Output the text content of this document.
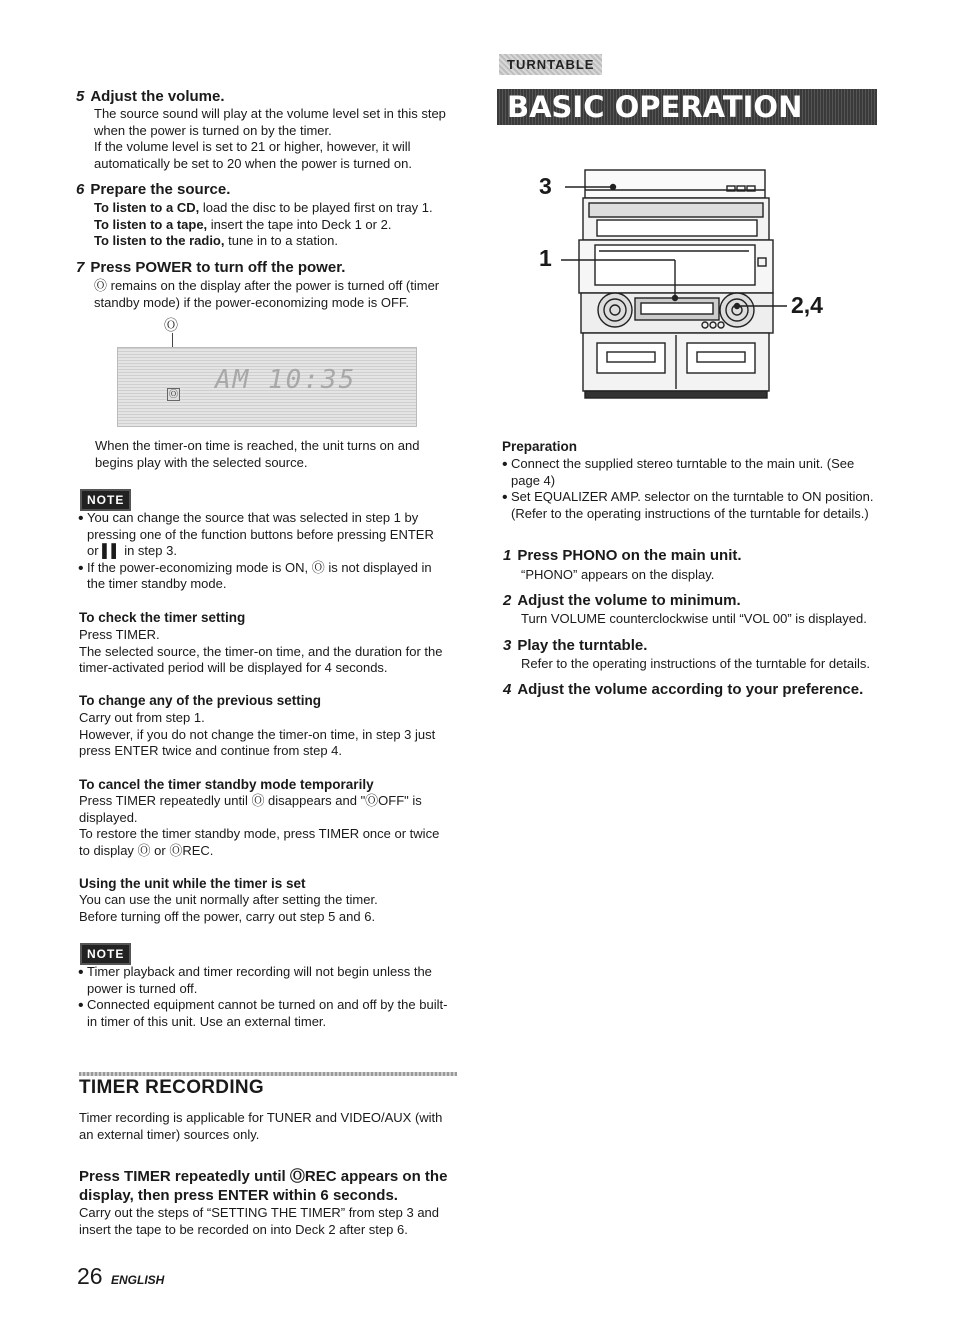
5 Adjust the volume.

The source sound will play at the volume level set in this step

when the power is turned on by the timer.

If the volume level is set to 21 or higher, however, it will

automatically be set to 20 when the power is turned on.

6 Prepare the source.

To listen to a CD, load the disc to be played first on tray 1.

To listen to a tape, insert the tape into Deck 1 or 2.

To listen to the radio, tune in to a station.

7 Press POWER to turn off the power.

Ⓞ remains on the display after the power is turned off (timer

standby mode) if the power-economizing mode is OFF.

Ⓞ
Ⓞ AM 10:35

When the timer-on time is reached, the unit turns on and

begins play with the selected source.

NOTE

• You can change the source that was selected in step 1 by

pressing one of the function buttons before pressing ENTER

or ▌▌ in step 3.

• If the power-economizing mode is ON, Ⓞ is not displayed in

the timer standby mode.

To check the timer setting

Press TIMER.

The selected source, the timer-on time, and the duration for the

timer-activated period will be displayed for 4 seconds.

To change any of the previous setting

Carry out from step 1.

However, if you do not change the timer-on time, in step 3 just

press ENTER twice and continue from step 4.

To cancel the timer standby mode temporarily

Press TIMER repeatedly until Ⓞ disappears and "ⓄOFF" is

displayed.

To restore the timer standby mode, press TIMER once or twice

to display Ⓞ or ⓄREC.

Using the unit while the timer is set

You can use the unit normally after setting the timer.

Before turning off the power, carry out step 5 and 6.

NOTE

• Timer playback and timer recording will not begin unless the

power is turned off.

• Connected equipment cannot be turned on and off by the built-

in timer of this unit. Use an external timer.

TIMER RECORDING

Timer recording is applicable for TUNER and VIDEO/AUX (with

an external timer) sources only.

Press TIMER repeatedly until ⓄREC appears on the
display, then press ENTER within 6 seconds.

Carry out the steps of “SETTING THE TIMER” from step 3 and

insert the tape to be recorded on into Deck 2 after step 6.

26 ENGLISH
TURNTABLE
BASIC OPERATION
3
1
2,4
Preparation

• Connect the supplied stereo turntable to the main unit. (See

page 4)

• Set EQUALIZER AMP. selector on the turntable to ON position.

(Refer to the operating instructions of the turntable for details.)

1 Press PHONO on the main unit.
“PHONO” appears on the display.
2 Adjust the volume to minimum.
Turn VOLUME counterclockwise until “VOL 00” is displayed.
3 Play the turntable.
Refer to the operating instructions of the turntable for details.
4 Adjust the volume according to your preference.
